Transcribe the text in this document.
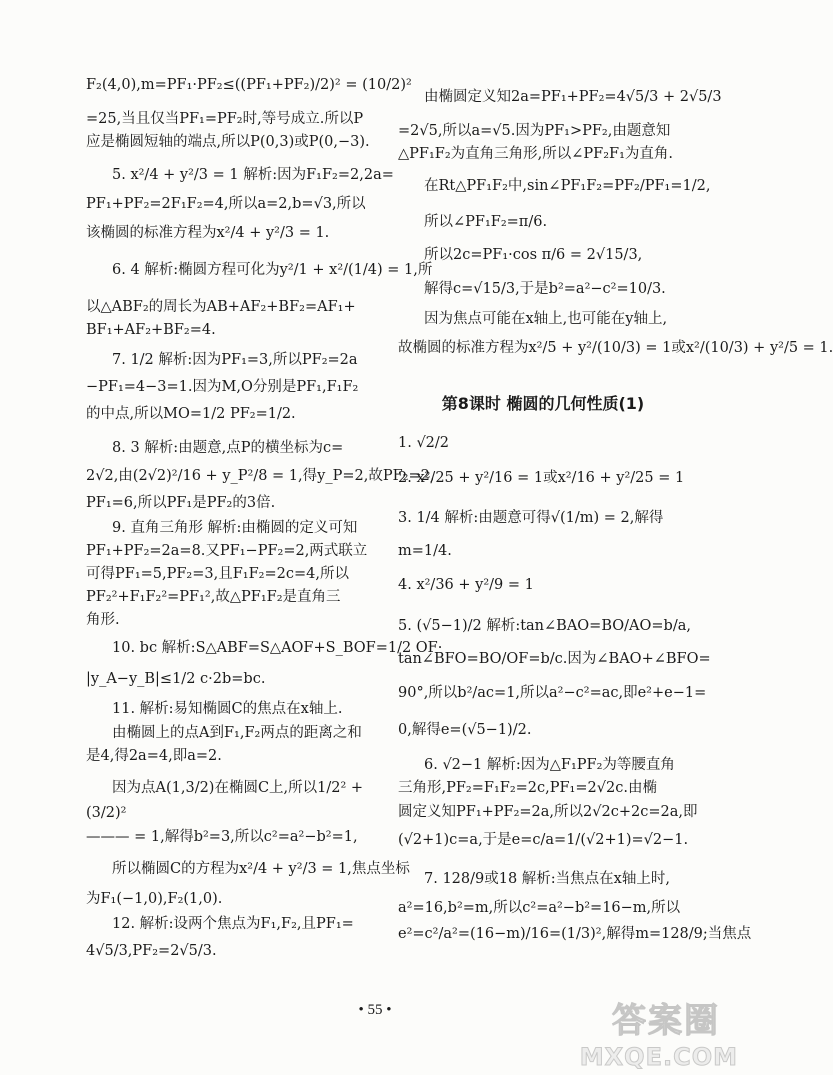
F₂(4,0),m=PF₁·PF₂≤((PF₁+PF₂)/2)² = (10/2)²
=25,当且仅当PF₁=PF₂时,等号成立.所以P
应是椭圆短轴的端点,所以P(0,3)或P(0,−3).
5. x²/4 + y²/3 = 1 解析:因为F₁F₂=2,2a=
PF₁+PF₂=2F₁F₂=4,所以a=2,b=√3,所以
该椭圆的标准方程为x²/4 + y²/3 = 1.
6. 4 解析:椭圆方程可化为y²/1 + x²/(1/4) = 1,所
以△ABF₂的周长为AB+AF₂+BF₂=AF₁+
BF₁+AF₂+BF₂=4.
7. 1/2 解析:因为PF₁=3,所以PF₂=2a
−PF₁=4−3=1.因为M,O分别是PF₁,F₁F₂
的中点,所以MO=1/2 PF₂=1/2.
8. 3 解析:由题意,点P的横坐标为c=
2√2,由(2√2)²/16 + y_P²/8 = 1,得y_P=2,故PF₂=2,
PF₁=6,所以PF₁是PF₂的3倍.
9. 直角三角形 解析:由椭圆的定义可知
PF₁+PF₂=2a=8.又PF₁−PF₂=2,两式联立
可得PF₁=5,PF₂=3,且F₁F₂=2c=4,所以
PF₂²+F₁F₂²=PF₁²,故△PF₁F₂是直角三
角形.
10. bc 解析:S△ABF=S△AOF+S_BOF=1/2 OF·
|y_A−y_B|≤1/2 c·2b=bc.
11. 解析:易知椭圆C的焦点在x轴上.
由椭圆上的点A到F₁,F₂两点的距离之和
是4,得2a=4,即a=2.
因为点A(1,3/2)在椭圆C上,所以1/2² +
(3/2)²
——— = 1,解得b²=3,所以c²=a²−b²=1,
所以椭圆C的方程为x²/4 + y²/3 = 1,焦点坐标
为F₁(−1,0),F₂(1,0).
12. 解析:设两个焦点为F₁,F₂,且PF₁=
4√5/3,PF₂=2√5/3.
由椭圆定义知2a=PF₁+PF₂=4√5/3 + 2√5/3
=2√5,所以a=√5.因为PF₁>PF₂,由题意知
△PF₁F₂为直角三角形,所以∠PF₂F₁为直角.
在Rt△PF₁F₂中,sin∠PF₁F₂=PF₂/PF₁=1/2,
所以∠PF₁F₂=π/6.
所以2c=PF₁·cos π/6 = 2√15/3,
解得c=√15/3,于是b²=a²−c²=10/3.
因为焦点可能在x轴上,也可能在y轴上,
故椭圆的标准方程为x²/5 + y²/(10/3) = 1或x²/(10/3) + y²/5 = 1.
第8课时 椭圆的几何性质(1)
1. √2/2
2. x²/25 + y²/16 = 1或x²/16 + y²/25 = 1
3. 1/4 解析:由题意可得√(1/m) = 2,解得
m=1/4.
4. x²/36 + y²/9 = 1
5. (√5−1)/2 解析:tan∠BAO=BO/AO=b/a,
tan∠BFO=BO/OF=b/c.因为∠BAO+∠BFO=
90°,所以b²/ac=1,所以a²−c²=ac,即e²+e−1=
0,解得e=(√5−1)/2.
6. √2−1 解析:因为△F₁PF₂为等腰直角
三角形,PF₂=F₁F₂=2c,PF₁=2√2c.由椭
圆定义知PF₁+PF₂=2a,所以2√2c+2c=2a,即
(√2+1)c=a,于是e=c/a=1/(√2+1)=√2−1.
7. 128/9或18 解析:当焦点在x轴上时,
a²=16,b²=m,所以c²=a²−b²=16−m,所以
e²=c²/a²=(16−m)/16=(1/3)²,解得m=128/9;当焦点
• 55 •	答案圈
MXQE.COM
